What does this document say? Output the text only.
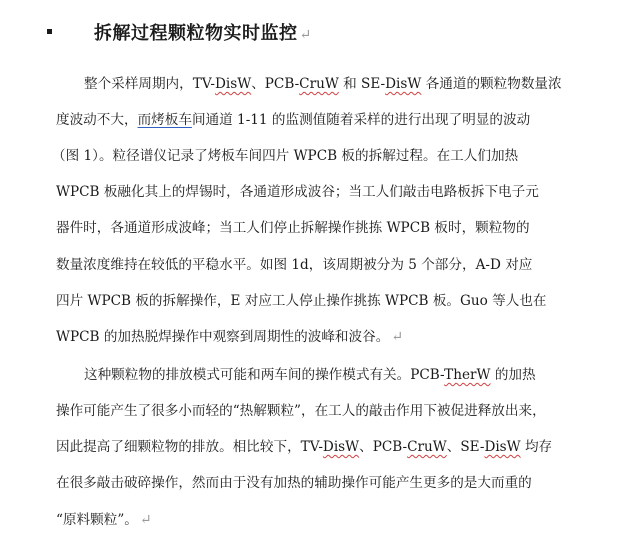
拆解过程颗粒物实时监控 ↵
整个采样周期内，TV-DisW、PCB-CruW 和 SE-DisW 各通道的颗粒物数量浓
度波动不大，而烤板车间通道 1-11 的监测值随着采样的进行出现了明显的波动
（图 1）。粒径谱仪记录了烤板车间四片 WPCB 板的拆解过程。在工人们加热
WPCB 板融化其上的焊锡时，各通道形成波谷；当工人们敲击电路板拆下电子元
器件时，各通道形成波峰；当工人们停止拆解操作挑拣 WPCB 板时，颗粒物的
数量浓度维持在较低的平稳水平。如图 1d，该周期被分为 5 个部分，A-D 对应
四片 WPCB 板的拆解操作，E 对应工人停止操作挑拣 WPCB 板。Guo 等人也在
WPCB 的加热脱焊操作中观察到周期性的波峰和波谷。 ↵
这种颗粒物的排放模式可能和两车间的操作模式有关。PCB-TherW 的加热
操作可能产生了很多小而轻的“热解颗粒”，在工人的敲击作用下被促进释放出来，
因此提高了细颗粒物的排放。相比较下，TV-DisW、PCB-CruW、SE-DisW 均存
在很多敲击破碎操作，然而由于没有加热的辅助操作可能产生更多的是大而重的
“原料颗粒”。 ↵
